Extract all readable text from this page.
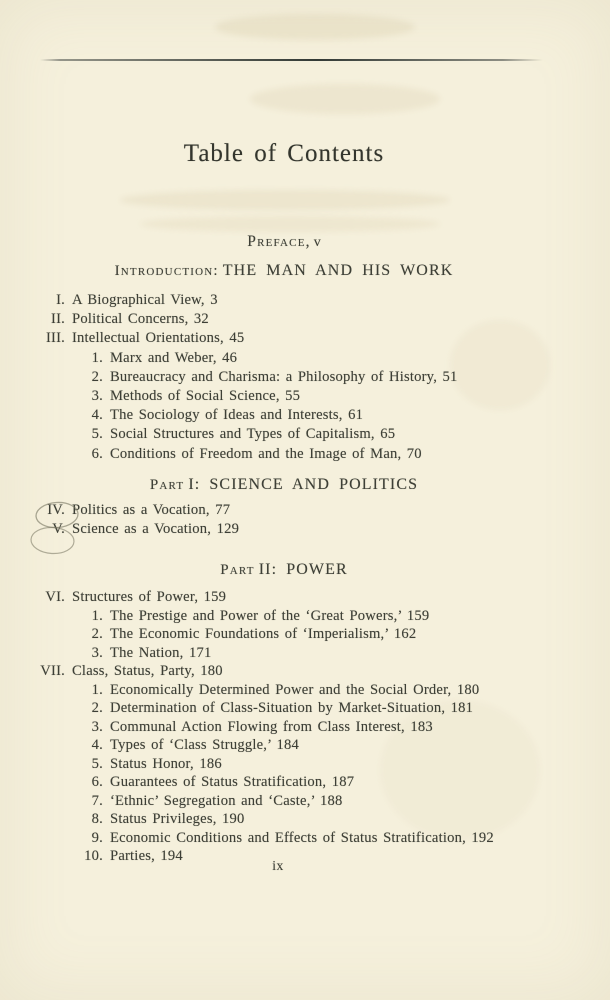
Table of Contents
Preface, v
Introduction: THE MAN AND HIS WORK
I. A Biographical View, 3
II. Political Concerns, 32
III. Intellectual Orientations, 45
1. Marx and Weber, 46
2. Bureaucracy and Charisma: a Philosophy of History, 51
3. Methods of Social Science, 55
4. The Sociology of Ideas and Interests, 61
5. Social Structures and Types of Capitalism, 65
6. Conditions of Freedom and the Image of Man, 70
Part I: SCIENCE AND POLITICS
IV. Politics as a Vocation, 77
V. Science as a Vocation, 129
Part II: POWER
VI. Structures of Power, 159
1. The Prestige and Power of the ‘Great Powers,’ 159
2. The Economic Foundations of ‘Imperialism,’ 162
3. The Nation, 171
VII. Class, Status, Party, 180
1. Economically Determined Power and the Social Order, 180
2. Determination of Class-Situation by Market-Situation, 181
3. Communal Action Flowing from Class Interest, 183
4. Types of ‘Class Struggle,’ 184
5. Status Honor, 186
6. Guarantees of Status Stratification, 187
7. ‘Ethnic’ Segregation and ‘Caste,’ 188
8. Status Privileges, 190
9. Economic Conditions and Effects of Status Stratification, 192
10. Parties, 194
ix
